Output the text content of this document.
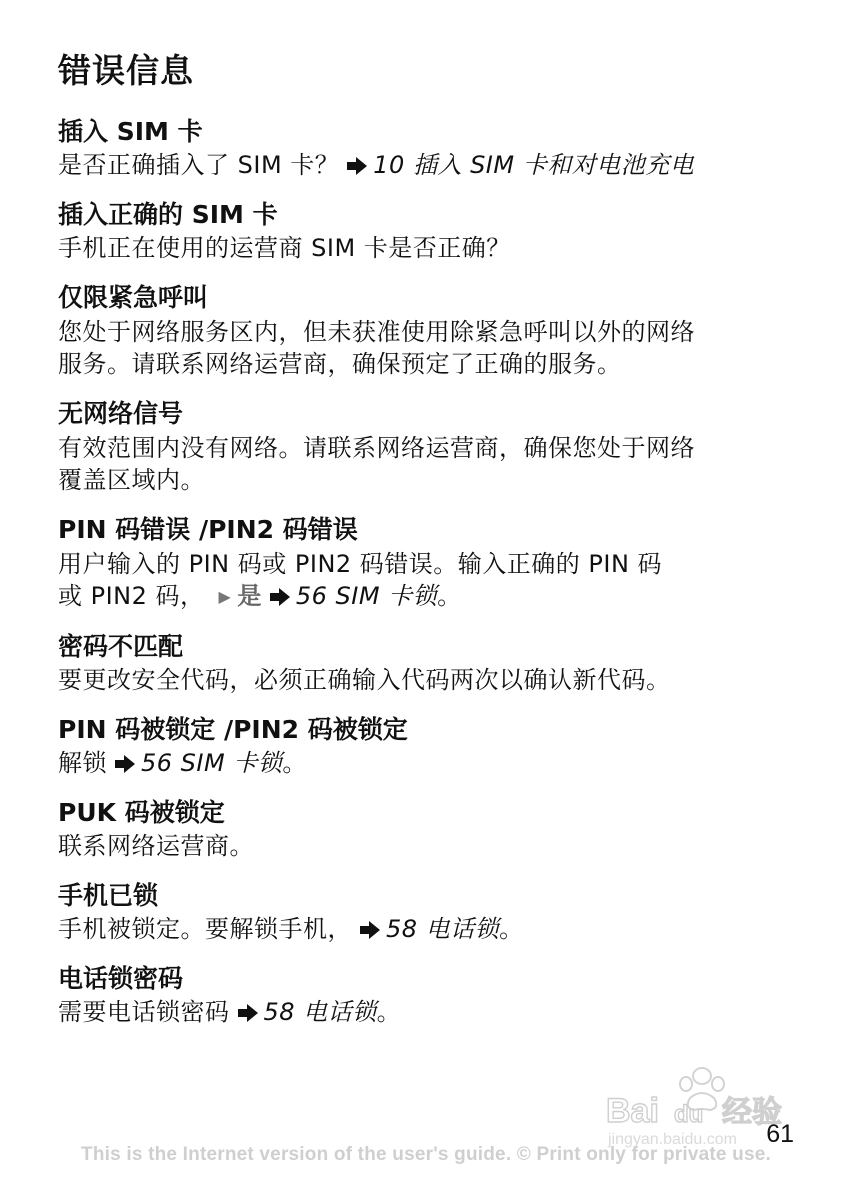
错误信息
插入 SIM 卡
是否正确插入了 SIM 卡？ 10 插入 SIM 卡和对电池充电
插入正确的 SIM 卡
手机正在使用的运营商 SIM 卡是否正确？
仅限紧急呼叫
您处于网络服务区内，但未获准使用除紧急呼叫以外的网络
服务。请联系网络运营商，确保预定了正确的服务。
无网络信号
有效范围内没有网络。请联系网络运营商，确保您处于网络
覆盖区域内。
PIN 码错误 /PIN2 码错误
用户输入的 PIN 码或 PIN2 码错误。输入正确的 PIN 码
或 PIN2 码， ▶ 是 56 SIM 卡锁。
密码不匹配
要更改安全代码，必须正确输入代码两次以确认新代码。
PIN 码被锁定 /PIN2 码被锁定
解锁 56 SIM 卡锁。
PUK 码被锁定
联系网络运营商。
手机已锁
手机被锁定。要解锁手机， 58 电话锁。
电话锁密码
需要电话锁密码 58 电话锁。
Bai du 经验
jingyan.baidu.com 61
This is the Internet version of the user's guide. © Print only for private use.
